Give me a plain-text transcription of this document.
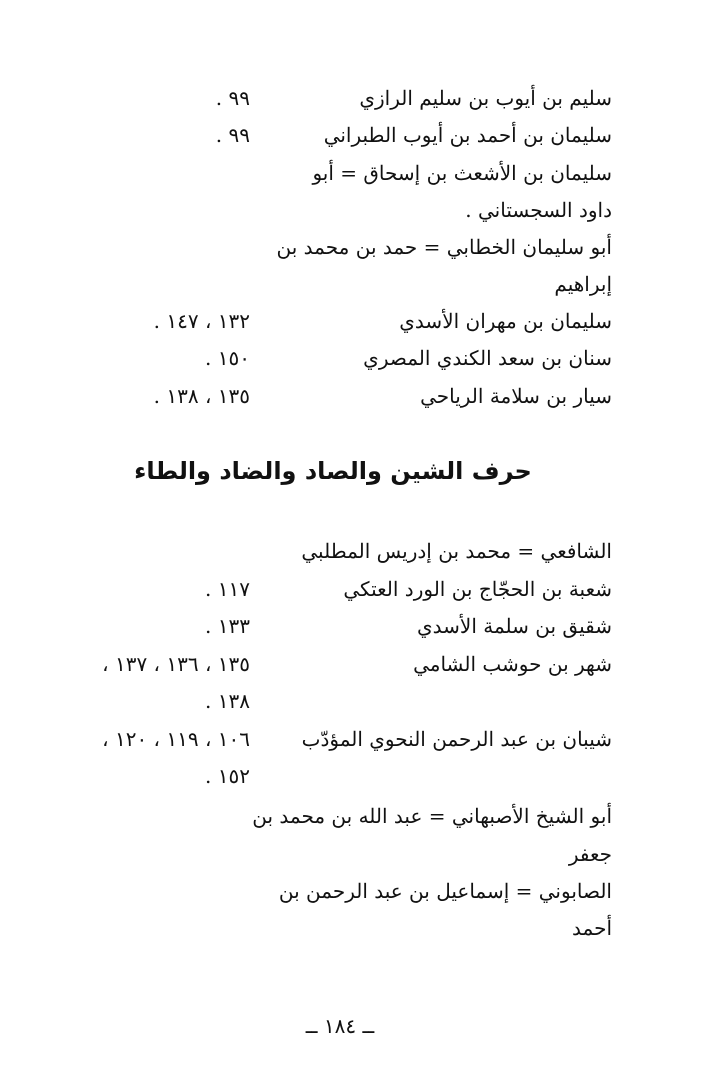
سليم بن أيوب بن سليم الرازي
٩٩ .
سليمان بن أحمد بن أيوب الطبراني
٩٩ .
سليمان بن الأشعث بن إسحاق = أبو
داود السجستاني .
أبو سليمان الخطابي = حمد بن محمد بن
إبراهيم
سليمان بن مهران الأسدي
١٣٢ ، ١٤٧ .
سنان بن سعد الكندي المصري
١٥٠ .
سيار بن سلامة الرياحي
١٣٥ ، ١٣٨ .
حرف الشين والصاد والضاد والطاء
الشافعي = محمد بن إدريس المطلبي
شعبة بن الحجّاج بن الورد العتكي
١١٧ .
شقيق بن سلمة الأسدي
١٣٣ .
شهر بن حوشب الشامي
١٣٥ ، ١٣٦ ، ١٣٧ ،
١٣٨ .
شيبان بن عبد الرحمن النحوي المؤدّب
١٠٦ ، ١١٩ ، ١٢٠ ،
١٥٢ .
أبو الشيخ الأصبهاني = عبد الله بن محمد بن
جعفر
الصابوني = إسماعيل بن عبد الرحمن بن
أحمد
ــ ١٨٤ ــ
